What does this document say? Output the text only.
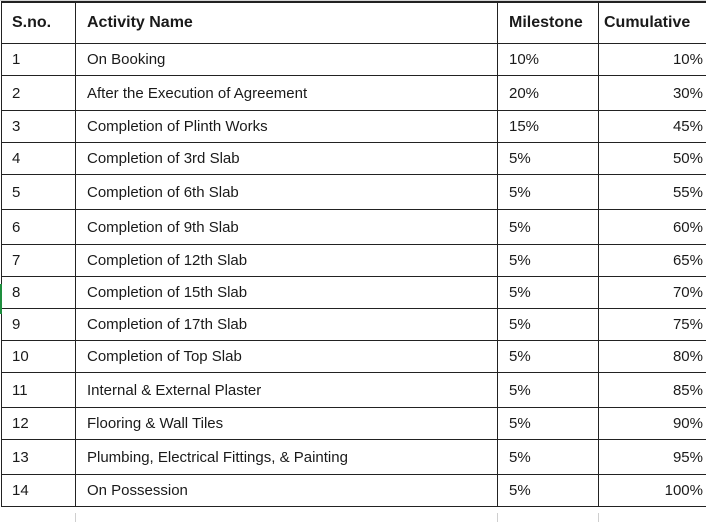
S.no.	Activity Name	Milestone	Cumulative
1	On Booking	10%	10%
2	After the Execution of Agreement	20%	30%
3	Completion of Plinth Works	15%	45%
4	Completion of 3rd Slab	5%	50%
5	Completion of 6th Slab	5%	55%
6	Completion of 9th Slab	5%	60%
7	Completion of 12th Slab	5%	65%
8	Completion of 15th Slab	5%	70%
9	Completion of 17th Slab	5%	75%
10	Completion of Top Slab	5%	80%
11	Internal & External Plaster	5%	85%
12	Flooring & Wall Tiles	5%	90%
13	Plumbing, Electrical Fittings, & Painting	5%	95%
14	On Possession	5%	100%
